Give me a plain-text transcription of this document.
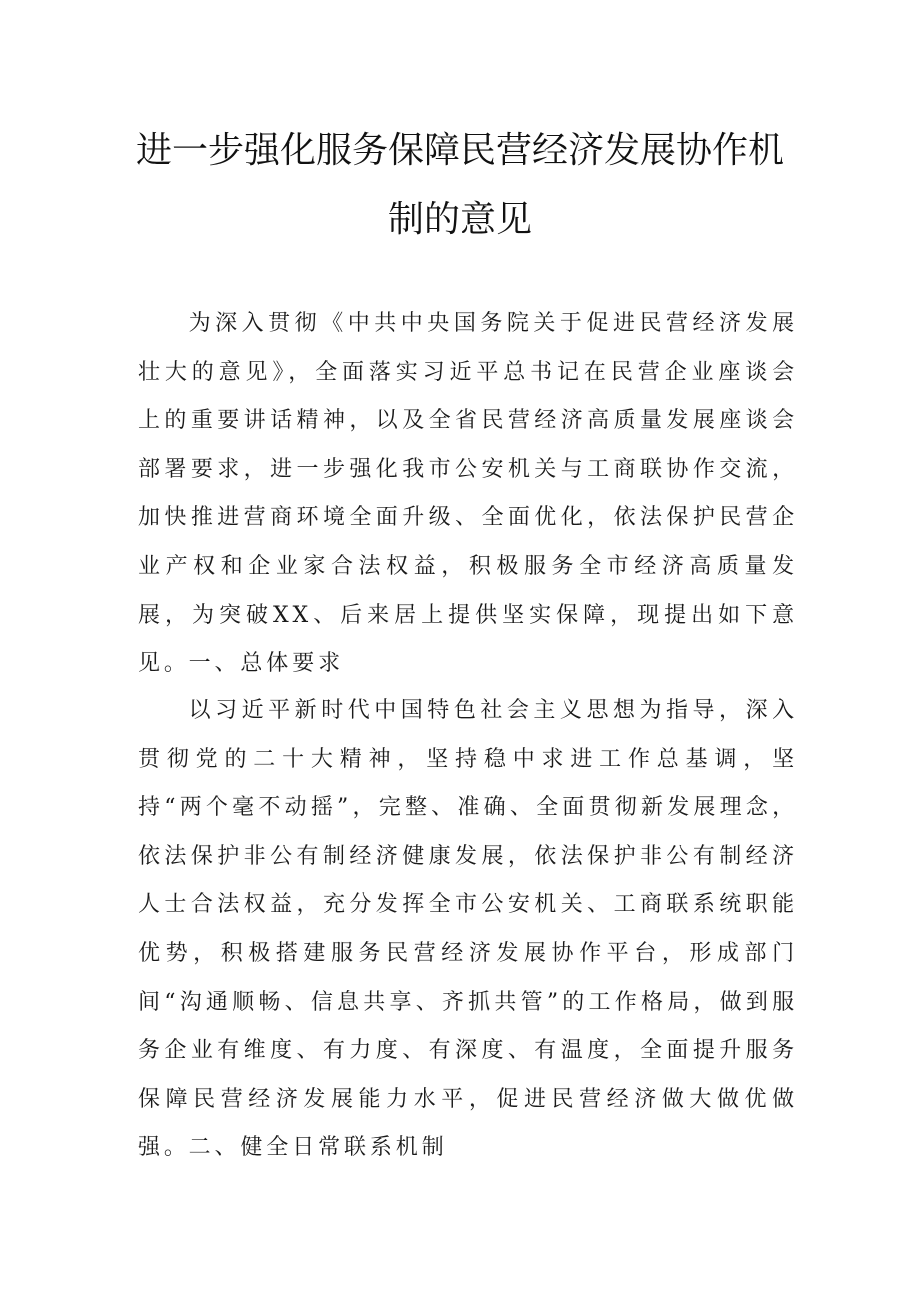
进一步强化服务保障民营经济发展协作机
制的意见

为深入贯彻《中共中央国务院关于促进民营经济发展壮大的意见》，全面落实习近平总书记在民营企业座谈会上的重要讲话精神，以及全省民营经济高质量发展座谈会部署要求，进一步强化我市公安机关与工商联协作交流，加快推进营商环境全面升级、全面优化，依法保护民营企业产权和企业家合法权益，积极服务全市经济高质量发展，为突破XX、后来居上提供坚实保障，现提出如下意见。

一、总体要求

以习近平新时代中国特色社会主义思想为指导，深入贯彻党的二十大精神，坚持稳中求进工作总基调，坚持“两个毫不动摇”，完整、准确、全面贯彻新发展理念，依法保护非公有制经济健康发展，依法保护非公有制经济人士合法权益，充分发挥全市公安机关、工商联系统职能优势，积极搭建服务民营经济发展协作平台，形成部门间“沟通顺畅、信息共享、齐抓共管”的工作格局，做到服务企业有维度、有力度、有深度、有温度，全面提升服务保障民营经济发展能力水平，促进民营经济做大做优做强。

二、健全日常联系机制
